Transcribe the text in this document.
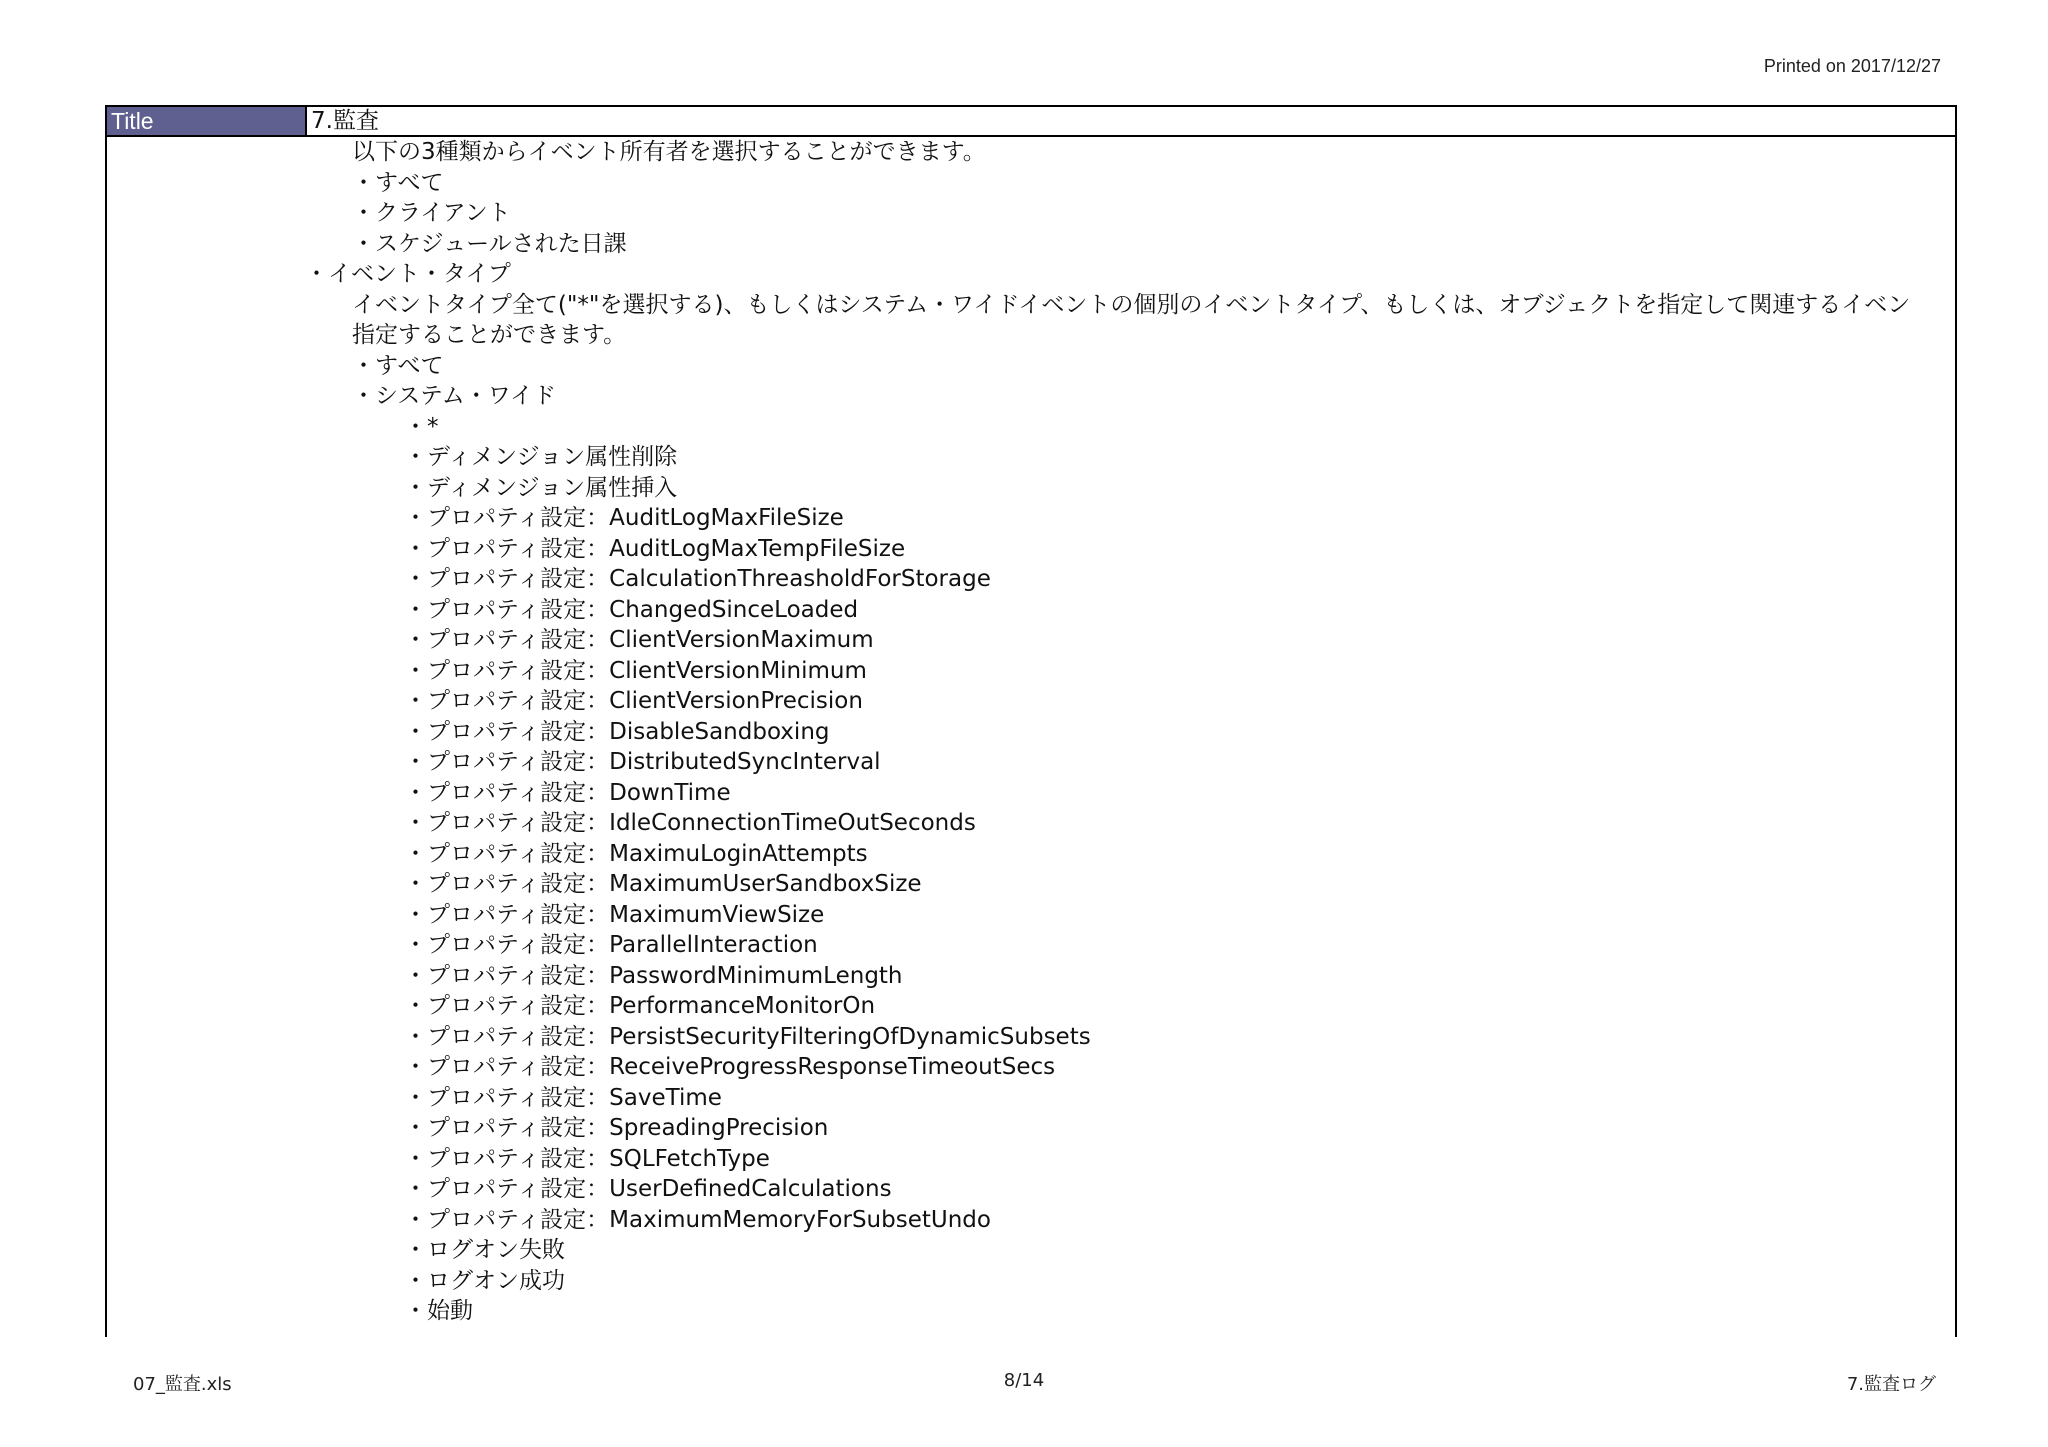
Printed on 2017/12/27
Title	7.監査
以下の3種類からイベント所有者を選択することができます。
・すべて
・クライアント
・スケジュールされた日課
・イベント・タイプ
イベントタイプ全て("*"を選択する)、もしくはシステム・ワイドイベントの個別のイベントタイプ、もしくは、オブジェクトを指定して関連するイベン
指定することができます。
・すべて
・システム・ワイド
・*
・ディメンジョン属性削除
・ディメンジョン属性挿入
・プロパティ設定：AuditLogMaxFileSize
・プロパティ設定：AuditLogMaxTempFileSize
・プロパティ設定：CalculationThreasholdForStorage
・プロパティ設定：ChangedSinceLoaded
・プロパティ設定：ClientVersionMaximum
・プロパティ設定：ClientVersionMinimum
・プロパティ設定：ClientVersionPrecision
・プロパティ設定：DisableSandboxing
・プロパティ設定：DistributedSyncInterval
・プロパティ設定：DownTime
・プロパティ設定：IdleConnectionTimeOutSeconds
・プロパティ設定：MaximuLoginAttempts
・プロパティ設定：MaximumUserSandboxSize
・プロパティ設定：MaximumViewSize
・プロパティ設定：ParallelInteraction
・プロパティ設定：PasswordMinimumLength
・プロパティ設定：PerformanceMonitorOn
・プロパティ設定：PersistSecurityFilteringOfDynamicSubsets
・プロパティ設定：ReceiveProgressResponseTimeoutSecs
・プロパティ設定：SaveTime
・プロパティ設定：SpreadingPrecision
・プロパティ設定：SQLFetchType
・プロパティ設定：UserDefinedCalculations
・プロパティ設定：MaximumMemoryForSubsetUndo
・ログオン失敗
・ログオン成功
・始動
07_監査.xls	8/14	7.監査ログ
